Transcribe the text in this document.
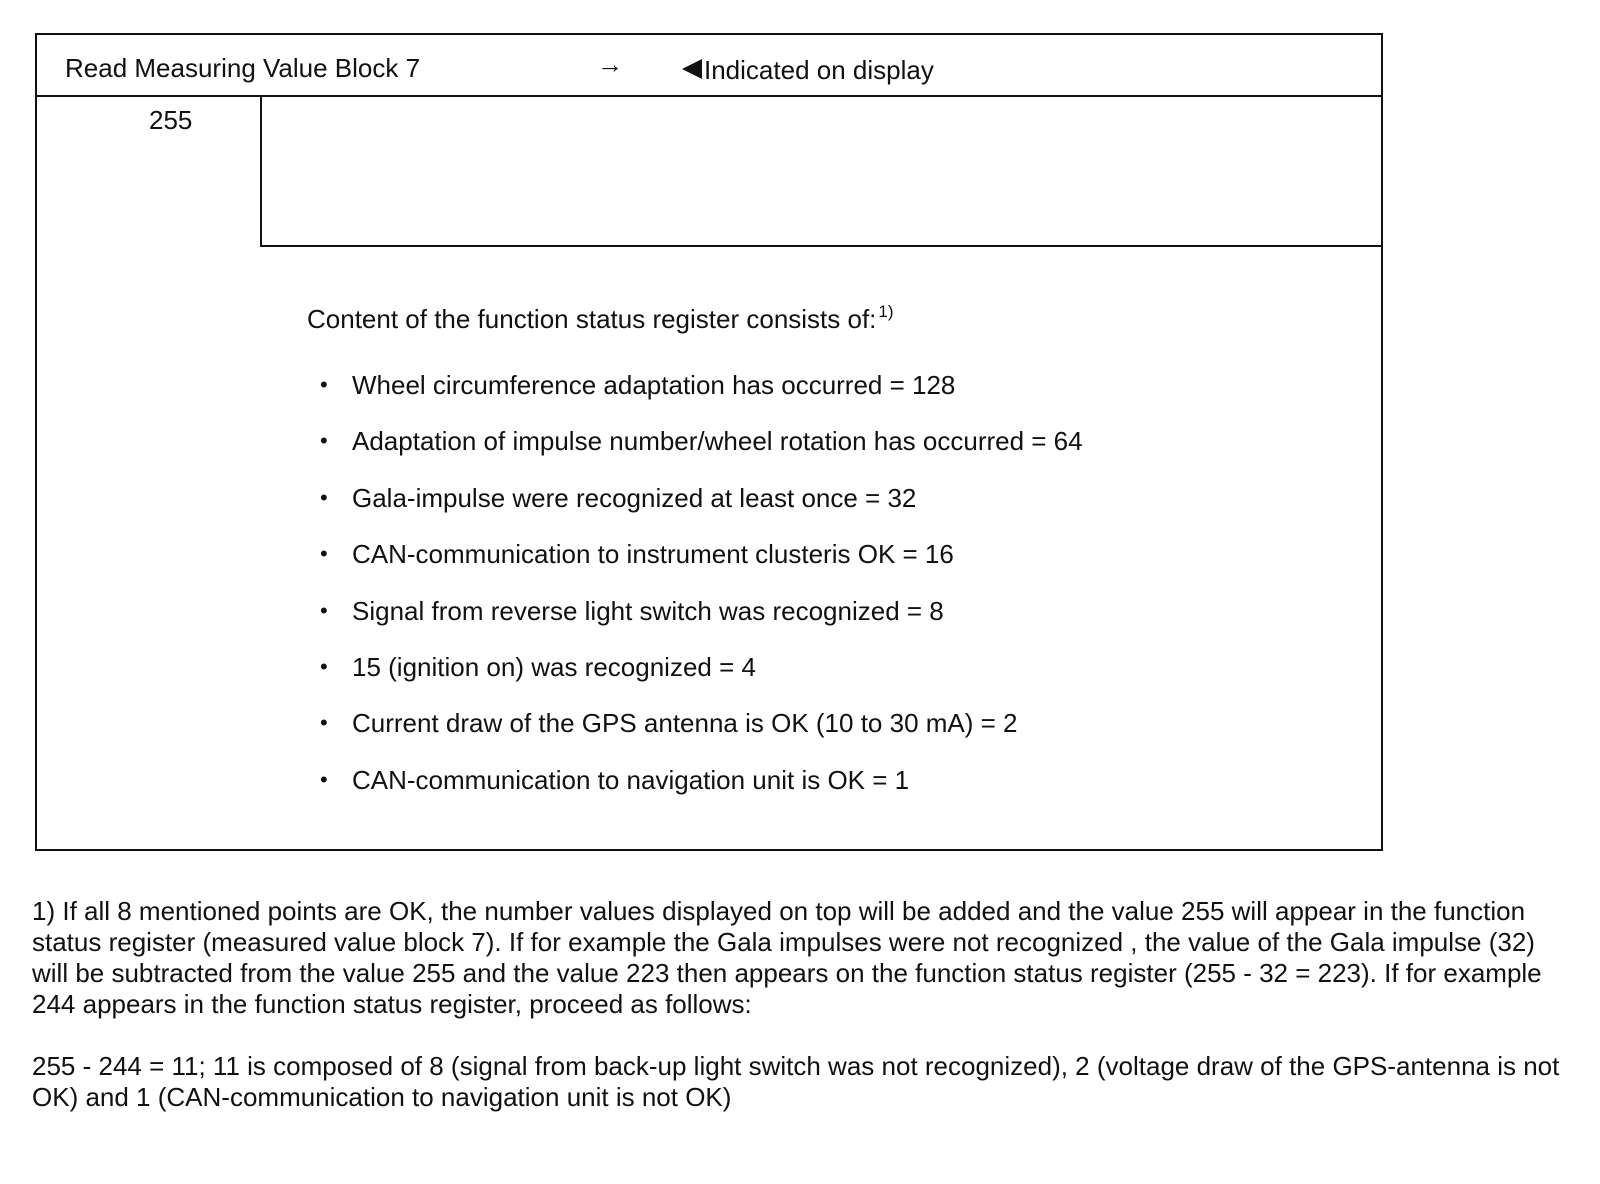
Read Measuring Value Block 7	→	Indicated on display
255
Content of the function status register consists of: $^{1)}$
• Wheel circumference adaptation has occurred = 128
• Adaptation of impulse number/wheel rotation has occurred = 64
• Gala-impulse were recognized at least once = 32
• CAN-communication to instrument clusteris OK = 16
• Signal from reverse light switch was recognized = 8
• 15 (ignition on) was recognized = 4
• Current draw of the GPS antenna is OK (10 to 30 mA) = 2
• CAN-communication to navigation unit is OK = 1

1) If all 8 mentioned points are OK, the number values displayed on top will be added and the value 255 will appear in the function status register (measured value block 7). If for example the Gala impulses were not recognized , the value of the Gala impulse (32) will be subtracted from the value 255 and the value 223 then appears on the function status register (255 - 32 = 223). If for example 244 appears in the function status register, proceed as follows:

255 - 244 = 11; 11 is composed of 8 (signal from back-up light switch was not recognized), 2 (voltage draw of the GPS-antenna is not OK) and 1 (CAN-communication to navigation unit is not OK)
